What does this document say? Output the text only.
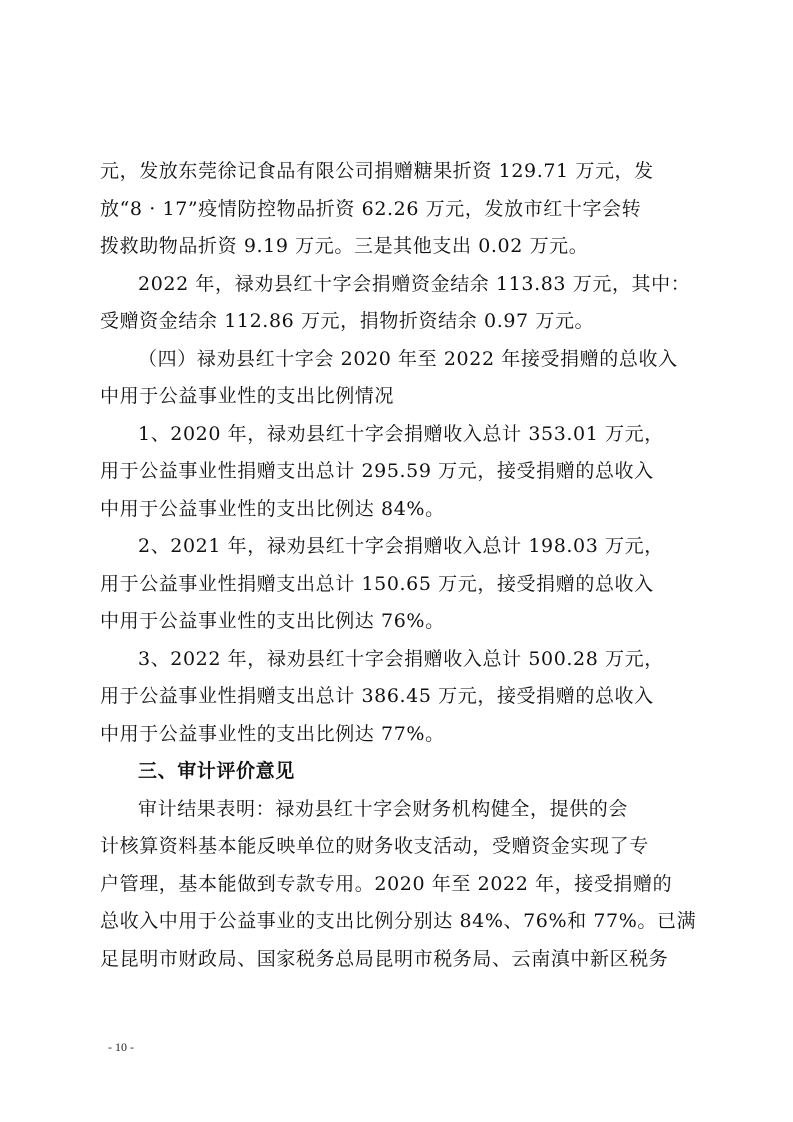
元，发放东莞徐记食品有限公司捐赠糖果折资 129.71 万元，发
放“8 · 17”疫情防控物品折资 62.26 万元，发放市红十字会转
拨救助物品折资 9.19 万元。三是其他支出 0.02 万元。
2022 年，禄劝县红十字会捐赠资金结余 113.83 万元，其中：
受赠资金结余 112.86 万元，捐物折资结余 0.97 万元。
（四）禄劝县红十字会 2020 年至 2022 年接受捐赠的总收入
中用于公益事业性的支出比例情况
1、2020 年，禄劝县红十字会捐赠收入总计 353.01 万元，
用于公益事业性捐赠支出总计 295.59 万元，接受捐赠的总收入
中用于公益事业性的支出比例达 84%。
2、2021 年，禄劝县红十字会捐赠收入总计 198.03 万元，
用于公益事业性捐赠支出总计 150.65 万元，接受捐赠的总收入
中用于公益事业性的支出比例达 76%。
3、2022 年，禄劝县红十字会捐赠收入总计 500.28 万元，
用于公益事业性捐赠支出总计 386.45 万元，接受捐赠的总收入
中用于公益事业性的支出比例达 77%。
三、审计评价意见
审计结果表明：禄劝县红十字会财务机构健全，提供的会
计核算资料基本能反映单位的财务收支活动，受赠资金实现了专
户管理，基本能做到专款专用。2020 年至 2022 年，接受捐赠的
总收入中用于公益事业的支出比例分别达 84%、76%和 77%。已满
足昆明市财政局、国家税务总局昆明市税务局、云南滇中新区税务
- 10 -
